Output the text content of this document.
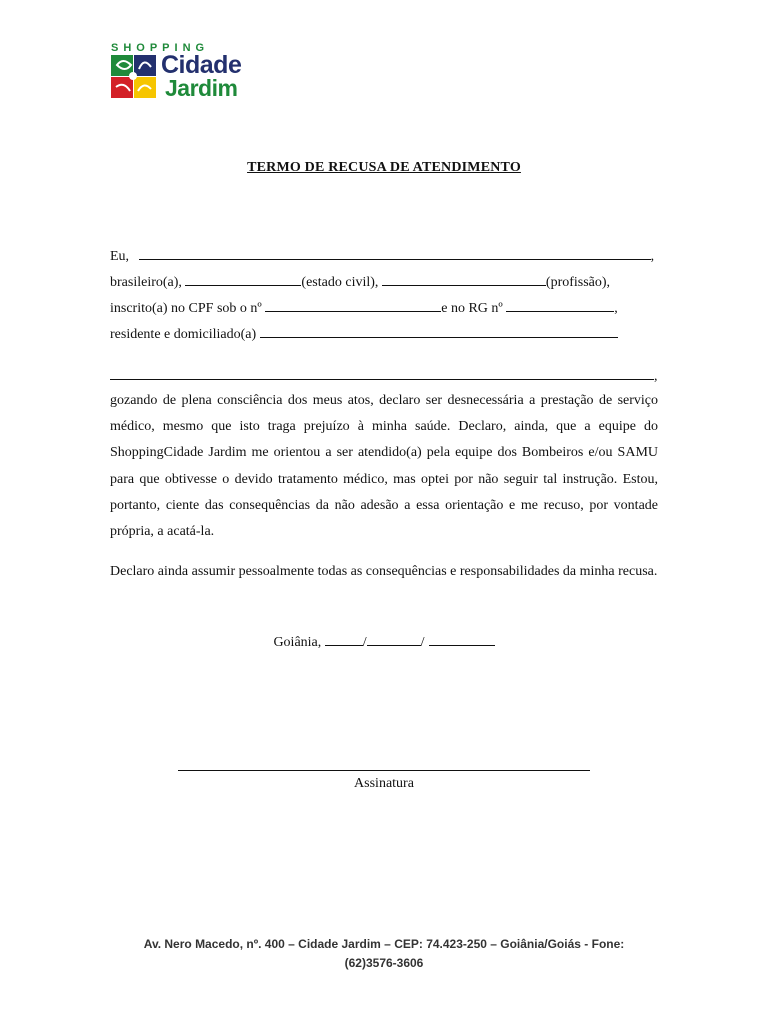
SHOPPING
Cidade
Jardim
TERMO DE RECUSA DE ATENDIMENTO
Eu,	,
brasileiro(a),	(estado civil),	(profissão),
inscrito(a) no CPF sob o nº	e no RG nº	,
residente e domiciliado(a)
,

gozando de plena consciência dos meus atos, declaro ser desnecessária a prestação de serviço médico, mesmo que isto traga prejuízo à minha saúde. Declaro, ainda, que a equipe do ShoppingCidade Jardim me orientou a ser atendido(a) pela equipe dos Bombeiros e/ou SAMU para que obtivesse o devido tratamento médico, mas optei por não seguir tal instrução. Estou, portanto, ciente das consequências da não adesão a essa orientação e me recuso, por vontade própria, a acatá-la.

Declaro ainda assumir pessoalmente todas as consequências e responsabilidades da minha recusa.

Goiânia,	/	/
Assinatura
Av. Nero Macedo, nº. 400 – Cidade Jardim – CEP: 74.423-250 – Goiânia/Goiás - Fone:
(62)3576-3606
